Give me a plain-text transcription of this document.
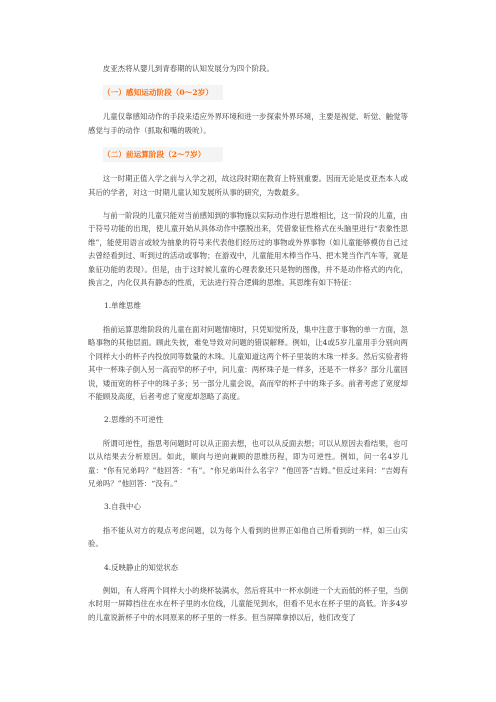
皮亚杰将从婴儿到青春期的认知发展分为四个阶段。

（一）感知运动阶段（0～2岁）

儿童仅靠感知动作的手段来适应外界环境和进一步探索外界环境，主要是视觉、听觉、触觉等感觉与手的动作（抓取和嘴的吸吮）。

（二）前运算阶段（2～7岁）

这一时期正值入学之前与入学之初，故这段时期在教育上特别重要。因而无论是皮亚杰本人或其后的学者，对这一时期儿童认知发展所从事的研究，为数最多。

与前一阶段的儿童只能对当前感知到的事物施以实际动作进行思维相比，这一阶段的儿童，由于符号功能的出现，使儿童开始从具体动作中摆脱出来，凭借象征性格式在头脑里进行“表象性思维”，能使用语言或较为抽象的符号来代表他们经历过的事物或外界事物（如儿童能够模仿自己过去曾经看到过、听到过的活动或事物；在游戏中，儿童能用木棒当作马、把木凳当作汽车等，就是象征功能的表现）。但是，由于这时候儿童的心理表象还只是物的图像，并不是动作格式的内化，换言之，内化仅具有静态的性质，无法进行符合逻辑的思维。其思维有如下特征：

1.单维思维

指前运算思维阶段的儿童在面对问题情境时，只凭知觉所及，集中注意于事物的单一方面，忽略事物的其他层面。顾此失彼，难免导致对问题的错误解释。例如，让4或5岁儿童用手分别向两个同样大小的杯子内投放同等数量的木珠。儿童知道这两个杯子里装的木珠一样多。然后实验者将其中一杯珠子倒入另一高而窄的杯子中，问儿童：两杯珠子是一样多，还是不一样多？部分儿童回说，矮而宽的杯子中的珠子多；另一部分儿童会说，高而窄的杯子中的珠子多。前者考虑了宽度却不能顾及高度，后者考虑了宽度却忽略了高度。

2.思维的不可逆性

所谓可逆性，指思考问题时可以从正面去想，也可以从反面去想；可以从原因去看结果，也可以从结果去分析原因。如此，顺向与逆向兼顾的思维历程，即为可逆性。例如，问一名4岁儿童：“你有兄弟吗？”他回答：“有”。“你兄弟叫什么名字？”他回答“吉姆。”但反过来问：“吉姆有兄弟吗？”他回答：“没有。”

3.自我中心

指不能从对方的观点考虑问题，以为每个人看到的世界正如他自己所看到的一样，如三山实验。

4.反映静止的知觉状态

例如，有人将两个同样大小的烧杯装满水，然后将其中一杯水倒进一个大而低的杯子里，当倒水时用一屏障挡住在水在杯子里的水位线，儿童能见到水，但看不见水在杯子里的高低。许多4岁的儿童说新杯子中的水同原来的杯子里的一样多。但当屏障拿掉以后，他们改变了
